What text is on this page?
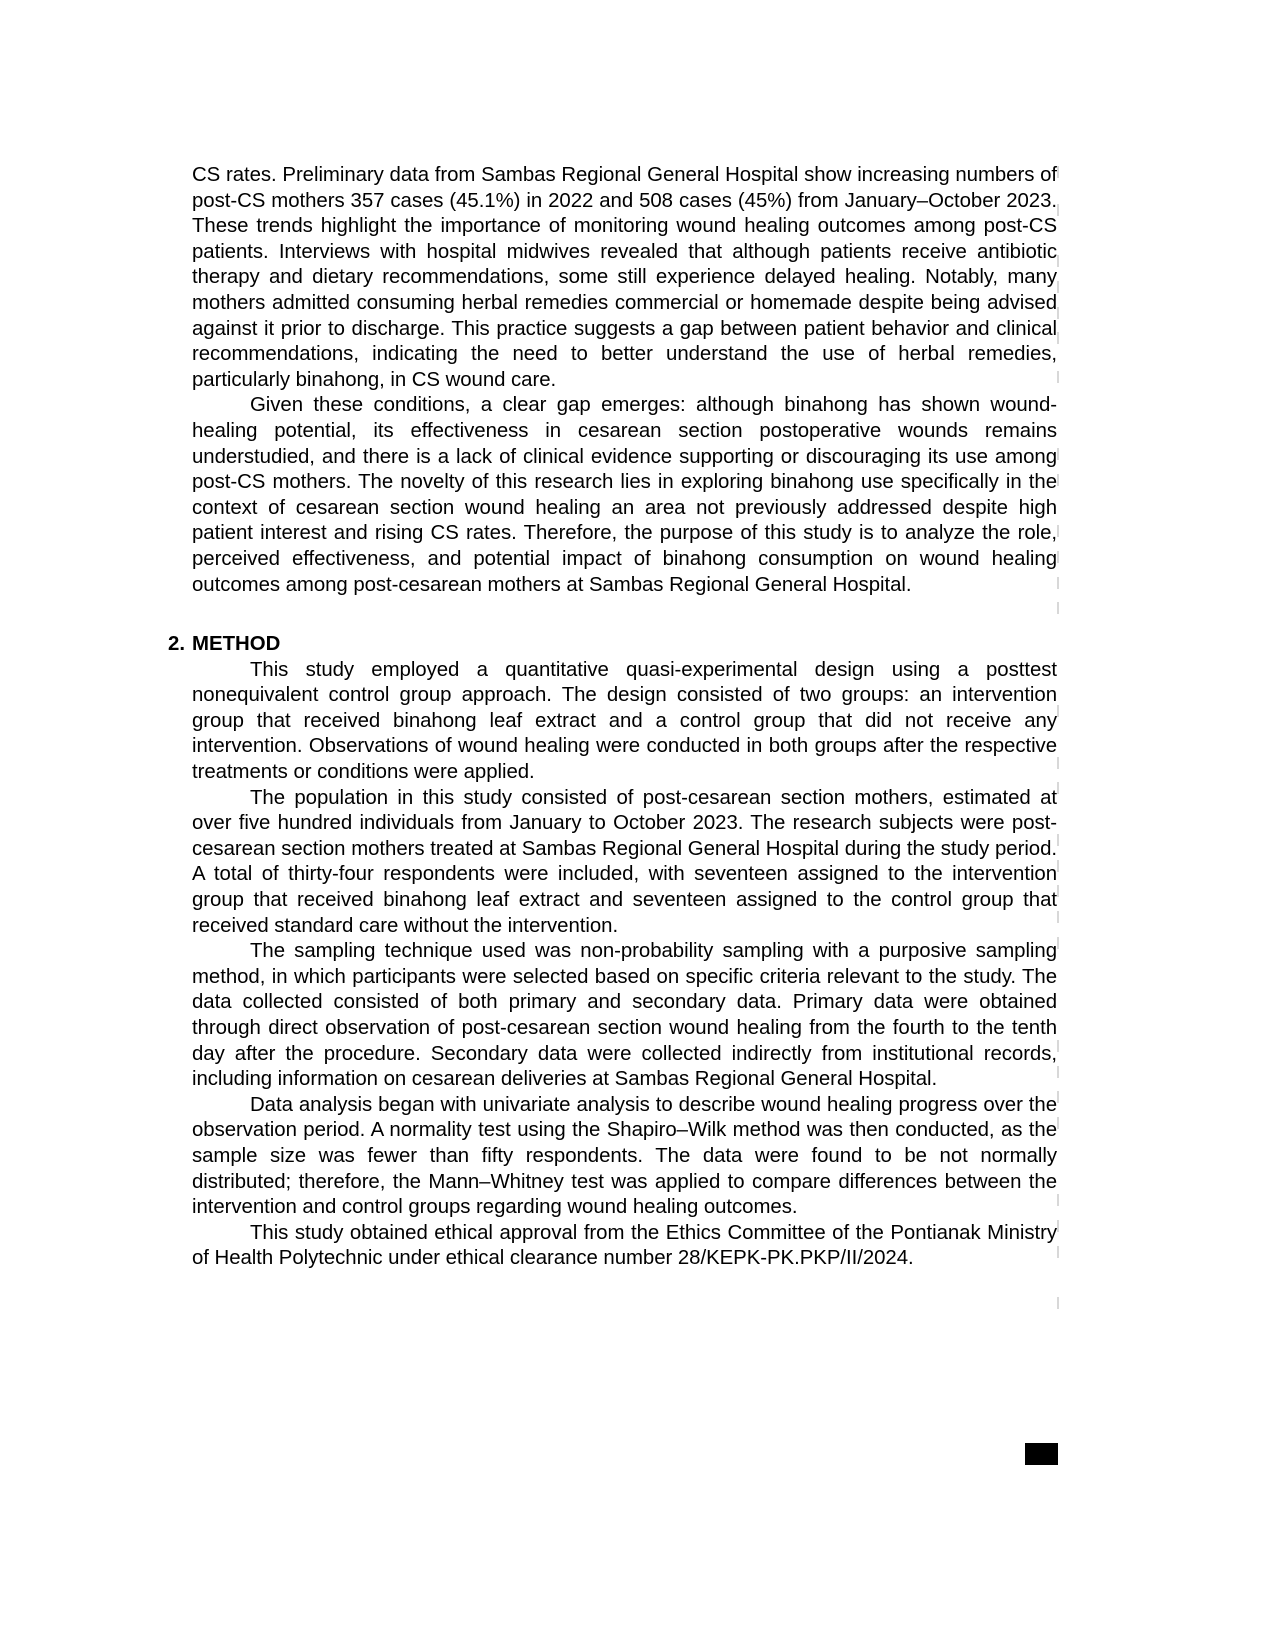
CS rates. Preliminary data from Sambas Regional General Hospital show increasing numbers of post-CS mothers 357 cases (45.1%) in 2022 and 508 cases (45%) from January–October 2023. These trends highlight the importance of monitoring wound healing outcomes among post-CS patients. Interviews with hospital midwives revealed that although patients receive antibiotic therapy and dietary recommendations, some still experience delayed healing. Notably, many mothers admitted consuming herbal remedies commercial or homemade despite being advised against it prior to discharge. This practice suggests a gap between patient behavior and clinical recommendations, indicating the need to better understand the use of herbal remedies, particularly binahong, in CS wound care.

Given these conditions, a clear gap emerges: although binahong has shown wound-healing potential, its effectiveness in cesarean section postoperative wounds remains understudied, and there is a lack of clinical evidence supporting or discouraging its use among post-CS mothers. The novelty of this research lies in exploring binahong use specifically in the context of cesarean section wound healing an area not previously addressed despite high patient interest and rising CS rates. Therefore, the purpose of this study is to analyze the role, perceived effectiveness, and potential impact of binahong consumption on wound healing outcomes among post-cesarean mothers at Sambas Regional General Hospital.

2. METHOD

This study employed a quantitative quasi-experimental design using a posttest nonequivalent control group approach. The design consisted of two groups: an intervention group that received binahong leaf extract and a control group that did not receive any intervention. Observations of wound healing were conducted in both groups after the respective treatments or conditions were applied.

The population in this study consisted of post-cesarean section mothers, estimated at over five hundred individuals from January to October 2023. The research subjects were post-cesarean section mothers treated at Sambas Regional General Hospital during the study period. A total of thirty-four respondents were included, with seventeen assigned to the intervention group that received binahong leaf extract and seventeen assigned to the control group that received standard care without the intervention.

The sampling technique used was non-probability sampling with a purposive sampling method, in which participants were selected based on specific criteria relevant to the study. The data collected consisted of both primary and secondary data. Primary data were obtained through direct observation of post-cesarean section wound healing from the fourth to the tenth day after the procedure. Secondary data were collected indirectly from institutional records, including information on cesarean deliveries at Sambas Regional General Hospital.

Data analysis began with univariate analysis to describe wound healing progress over the observation period. A normality test using the Shapiro–Wilk method was then conducted, as the sample size was fewer than fifty respondents. The data were found to be not normally distributed; therefore, the Mann–Whitney test was applied to compare differences between the intervention and control groups regarding wound healing outcomes.

This study obtained ethical approval from the Ethics Committee of the Pontianak Ministry of Health Polytechnic under ethical clearance number 28/KEPK-PK.PKP/II/2024.
